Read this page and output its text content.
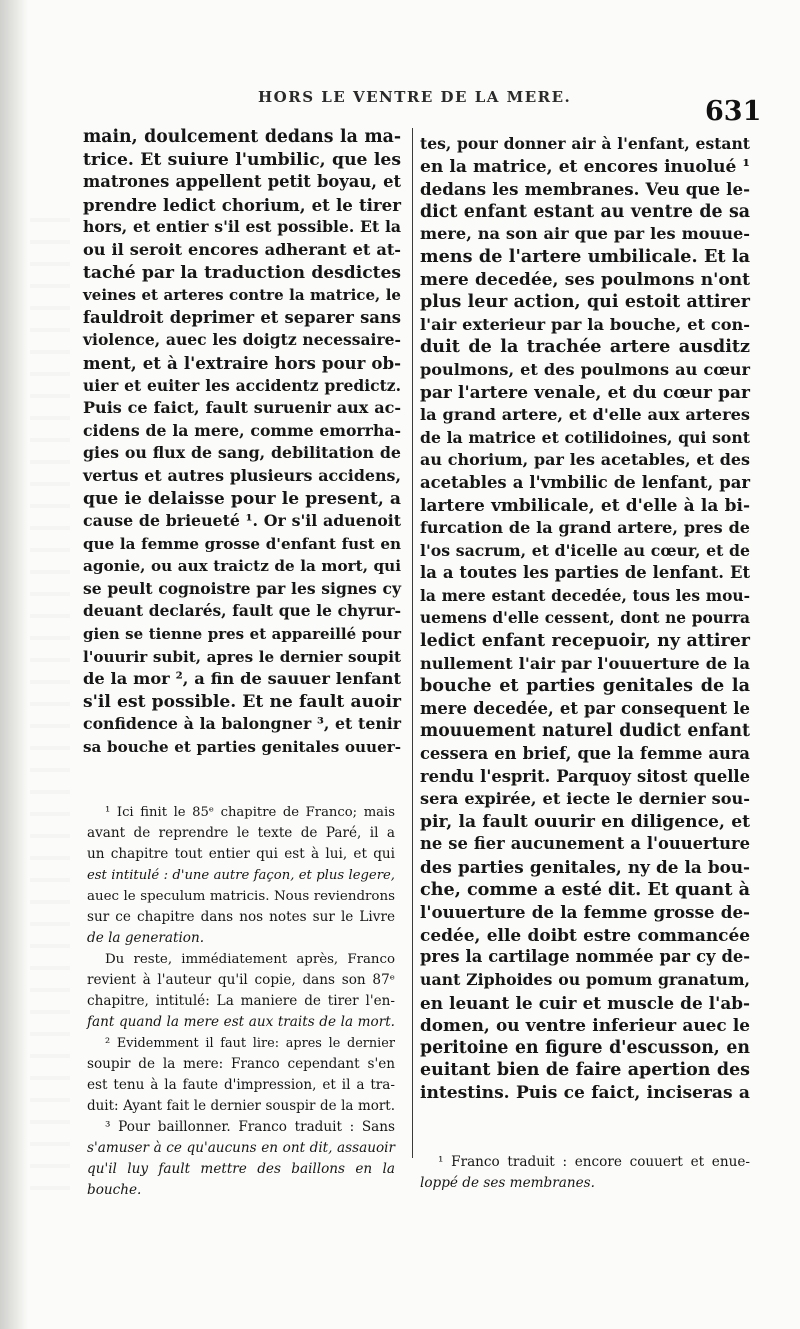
HORS LE VENTRE DE LA MERE.	631
main, doulcement dedans la ma-
trice. Et suiure l'umbilic, que les
matrones appellent petit boyau, et
prendre ledict chorium, et le tirer
hors, et entier s'il est possible. Et la
ou il seroit encores adherant et at-
taché par la traduction desdictes
veines et arteres contre la matrice, le
fauldroit deprimer et separer sans
violence, auec les doigtz necessaire-
ment, et à l'extraire hors pour ob-
uier et euiter les accidentz predictz.
Puis ce faict, fault suruenir aux ac-
cidens de la mere, comme emorrha-
gies ou flux de sang, debilitation de
vertus et autres plusieurs accidens,
que ie delaisse pour le present, a
cause de brieueté ¹. Or s'il aduenoit
que la femme grosse d'enfant fust en
agonie, ou aux traictz de la mort, qui
se peult cognoistre par les signes cy
deuant declarés, fault que le chyrur-
gien se tienne pres et appareillé pour
l'ouurir subit, apres le dernier soupit
de la mor ², a fin de sauuer lenfant
s'il est possible. Et ne fault auoir
confidence à la balongner ³, et tenir
sa bouche et parties genitales ouuer-
¹ Ici finit le 85ᵉ chapitre de Franco; mais
avant de reprendre le texte de Paré, il a
un chapitre tout entier qui est à lui, et qui
est intitulé : d'une autre façon, et plus legere,
auec le speculum matricis. Nous reviendrons
sur ce chapitre dans nos notes sur le Livre
de la generation.
Du reste, immédiatement après, Franco
revient à l'auteur qu'il copie, dans son 87ᵉ
chapitre, intitulé: La maniere de tirer l'en-
fant quand la mere est aux traits de la mort.
² Evidemment il faut lire: apres le dernier
soupir de la mere: Franco cependant s'en
est tenu à la faute d'impression, et il a tra-
duit: Ayant fait le dernier souspir de la mort.
³ Pour baillonner. Franco traduit : Sans
s'amuser à ce qu'aucuns en ont dit, assauoir
qu'il luy fault mettre des baillons en la
bouche.
tes, pour donner air à l'enfant, estant
en la matrice, et encores inuolué ¹
dedans les membranes. Veu que le-
dict enfant estant au ventre de sa
mere, na son air que par les mouue-
mens de l'artere umbilicale. Et la
mere decedée, ses poulmons n'ont
plus leur action, qui estoit attirer
l'air exterieur par la bouche, et con-
duit de la trachée artere ausditz
poulmons, et des poulmons au cœur
par l'artere venale, et du cœur par
la grand artere, et d'elle aux arteres
de la matrice et cotilidoines, qui sont
au chorium, par les acetables, et des
acetables a l'vmbilic de lenfant, par
lartere vmbilicale, et d'elle à la bi-
furcation de la grand artere, pres de
l'os sacrum, et d'icelle au cœur, et de
la a toutes les parties de lenfant. Et
la mere estant decedée, tous les mou-
uemens d'elle cessent, dont ne pourra
ledict enfant recepuoir, ny attirer
nullement l'air par l'ouuerture de la
bouche et parties genitales de la
mere decedée, et par consequent le
mouuement naturel dudict enfant
cessera en brief, que la femme aura
rendu l'esprit. Parquoy sitost quelle
sera expirée, et iecte le dernier sou-
pir, la fault ouurir en diligence, et
ne se fier aucunement a l'ouuerture
des parties genitales, ny de la bou-
che, comme a esté dit. Et quant à
l'ouuerture de la femme grosse de-
cedée, elle doibt estre commancée
pres la cartilage nommée par cy de-
uant Ziphoides ou pomum granatum,
en leuant le cuir et muscle de l'ab-
domen, ou ventre inferieur auec le
peritoine en figure d'escusson, en
euitant bien de faire apertion des
intestins. Puis ce faict, inciseras a
¹ Franco traduit : encore couuert et enue-
loppé de ses membranes.
